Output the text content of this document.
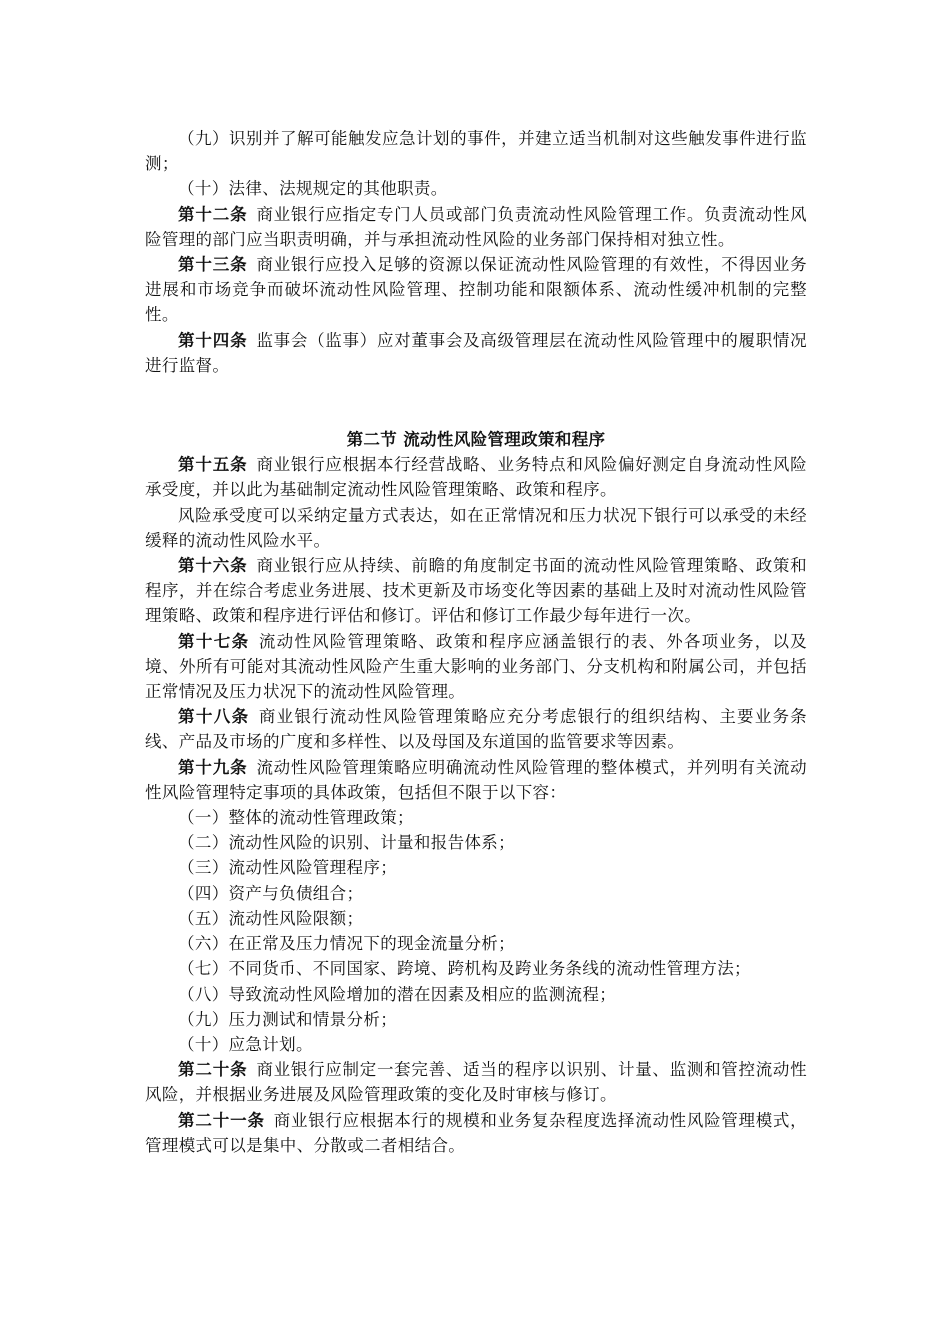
（九）识别并了解可能触发应急计划的事件，并建立适当机制对这些触发事件进行监测；

（十）法律、法规规定的其他职责。

第十二条  商业银行应指定专门人员或部门负责流动性风险管理工作。负责流动性风险管理的部门应当职责明确，并与承担流动性风险的业务部门保持相对独立性。

第十三条  商业银行应投入足够的资源以保证流动性风险管理的有效性，不得因业务进展和市场竞争而破坏流动性风险管理、控制功能和限额体系、流动性缓冲机制的完整性。

第十四条  监事会（监事）应对董事会及高级管理层在流动性风险管理中的履职情况进行监督。

第二节 流动性风险管理政策和程序

第十五条  商业银行应根据本行经营战略、业务特点和风险偏好测定自身流动性风险承受度，并以此为基础制定流动性风险管理策略、政策和程序。

风险承受度可以采纳定量方式表达，如在正常情况和压力状况下银行可以承受的未经缓释的流动性风险水平。

第十六条  商业银行应从持续、前瞻的角度制定书面的流动性风险管理策略、政策和程序，并在综合考虑业务进展、技术更新及市场变化等因素的基础上及时对流动性风险管理策略、政策和程序进行评估和修订。评估和修订工作最少每年进行一次。

第十七条  流动性风险管理策略、政策和程序应涵盖银行的表、外各项业务，以及境、外所有可能对其流动性风险产生重大影响的业务部门、分支机构和附属公司，并包括正常情况及压力状况下的流动性风险管理。

第十八条  商业银行流动性风险管理策略应充分考虑银行的组织结构、主要业务条线、产品及市场的广度和多样性、以及母国及东道国的监管要求等因素。

第十九条  流动性风险管理策略应明确流动性风险管理的整体模式，并列明有关流动性风险管理特定事项的具体政策，包括但不限于以下容：

（一）整体的流动性管理政策；

（二）流动性风险的识别、计量和报告体系；

（三）流动性风险管理程序；

（四）资产与负债组合；

（五）流动性风险限额；

（六）在正常及压力情况下的现金流量分析；

（七）不同货币、不同国家、跨境、跨机构及跨业务条线的流动性管理方法；

（八）导致流动性风险增加的潜在因素及相应的监测流程；

（九）压力测试和情景分析；

（十）应急计划。

第二十条  商业银行应制定一套完善、适当的程序以识别、计量、监测和管控流动性风险，并根据业务进展及风险管理政策的变化及时审核与修订。

第二十一条  商业银行应根据本行的规模和业务复杂程度选择流动性风险管理模式，管理模式可以是集中、分散或二者相结合。
